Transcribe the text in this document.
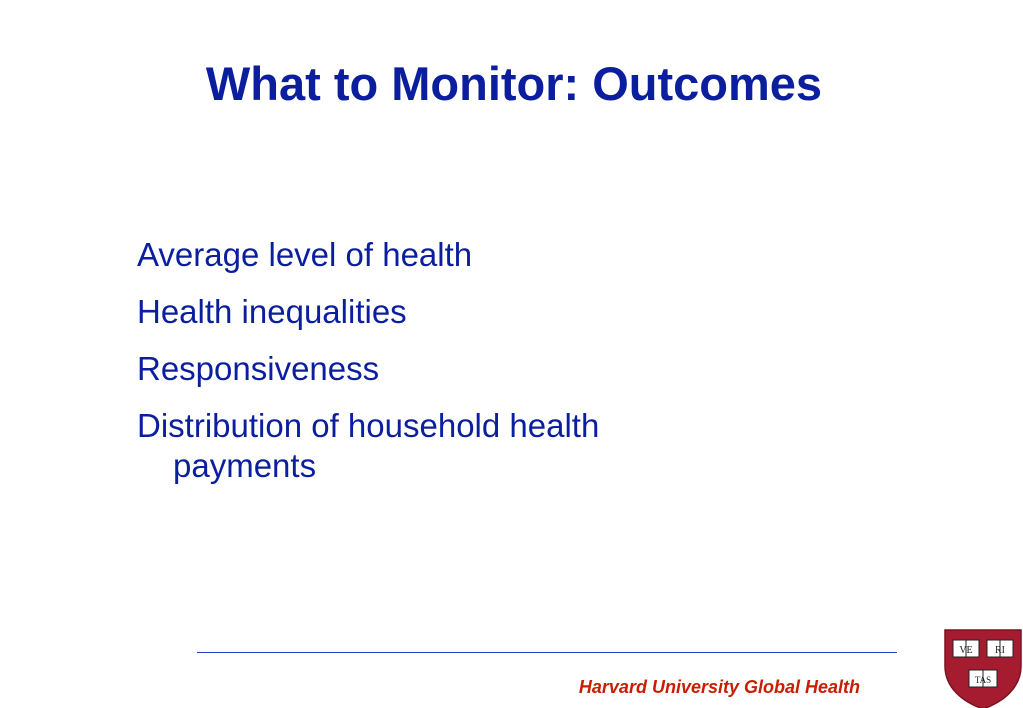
What to Monitor: Outcomes
Average level of health
Health inequalities
Responsiveness
Distribution of household health payments
Harvard University Global Health
VE RI
TAS
